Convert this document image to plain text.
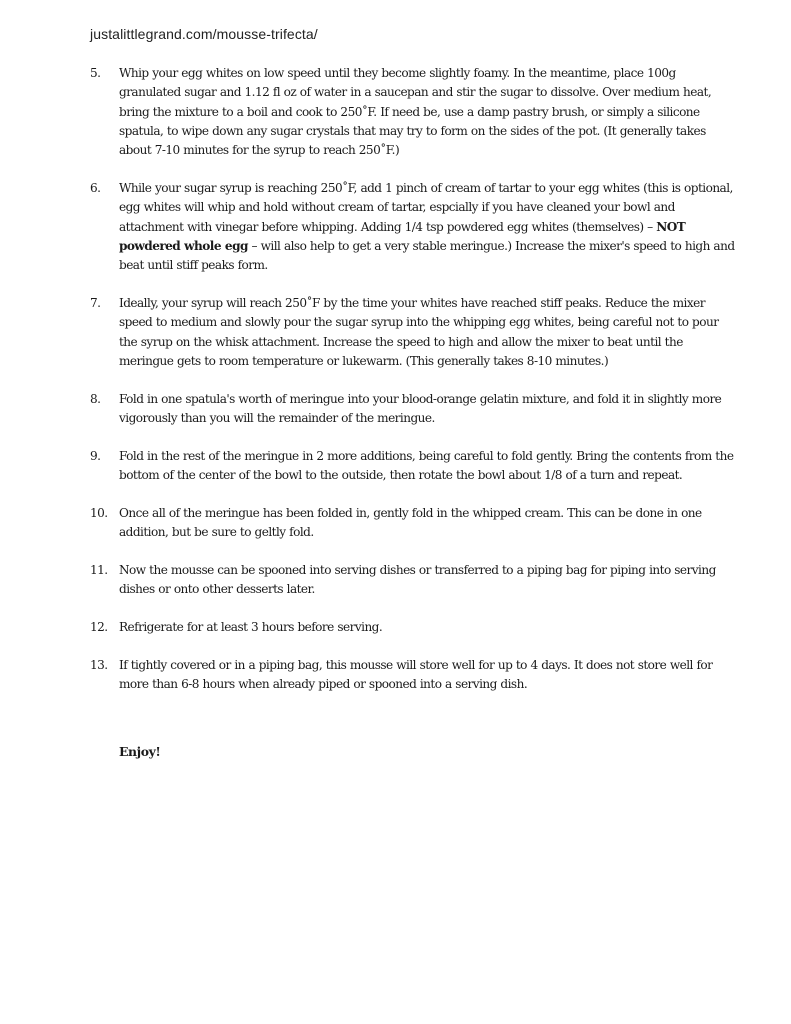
justalittlegrand.com/mousse-trifecta/
5.	Whip your egg whites on low speed until they become slightly foamy. In the meantime, place 100g granulated sugar and 1.12 fl oz of water in a saucepan and stir the sugar to dissolve. Over medium heat, bring the mixture to a boil and cook to 250˚F. If need be, use a damp pastry brush, or simply a silicone spatula, to wipe down any sugar crystals that may try to form on the sides of the pot. (It generally takes about 7-10 minutes for the syrup to reach 250˚F.)
6.	While your sugar syrup is reaching 250˚F, add 1 pinch of cream of tartar to your egg whites (this is optional, egg whites will whip and hold without cream of tartar, espcially if you have cleaned your bowl and attachment with vinegar before whipping. Adding 1/4 tsp powdered egg whites (themselves) – NOT powdered whole egg – will also help to get a very stable meringue.) Increase the mixer's speed to high and beat until stiff peaks form.
7.	Ideally, your syrup will reach 250˚F by the time your whites have reached stiff peaks. Reduce the mixer speed to medium and slowly pour the sugar syrup into the whipping egg whites, being careful not to pour the syrup on the whisk attachment. Increase the speed to high and allow the mixer to beat until the meringue gets to room temperature or lukewarm. (This generally takes 8-10 minutes.)
8.	Fold in one spatula's worth of meringue into your blood-orange gelatin mixture, and fold it in slightly more vigorously than you will the remainder of the meringue.
9.	Fold in the rest of the meringue in 2 more additions, being careful to fold gently. Bring the contents from the bottom of the center of the bowl to the outside, then rotate the bowl about 1/8 of a turn and repeat.
10. Once all of the meringue has been folded in, gently fold in the whipped cream. This can be done in one addition, but be sure to geltly fold.
11. Now the mousse can be spooned into serving dishes or transferred to a piping bag for piping into serving dishes or onto other desserts later.
12. Refrigerate for at least 3 hours before serving.
13. If tightly covered or in a piping bag, this mousse will store well for up to 4 days. It does not store well for more than 6-8 hours when already piped or spooned into a serving dish.
Enjoy!
